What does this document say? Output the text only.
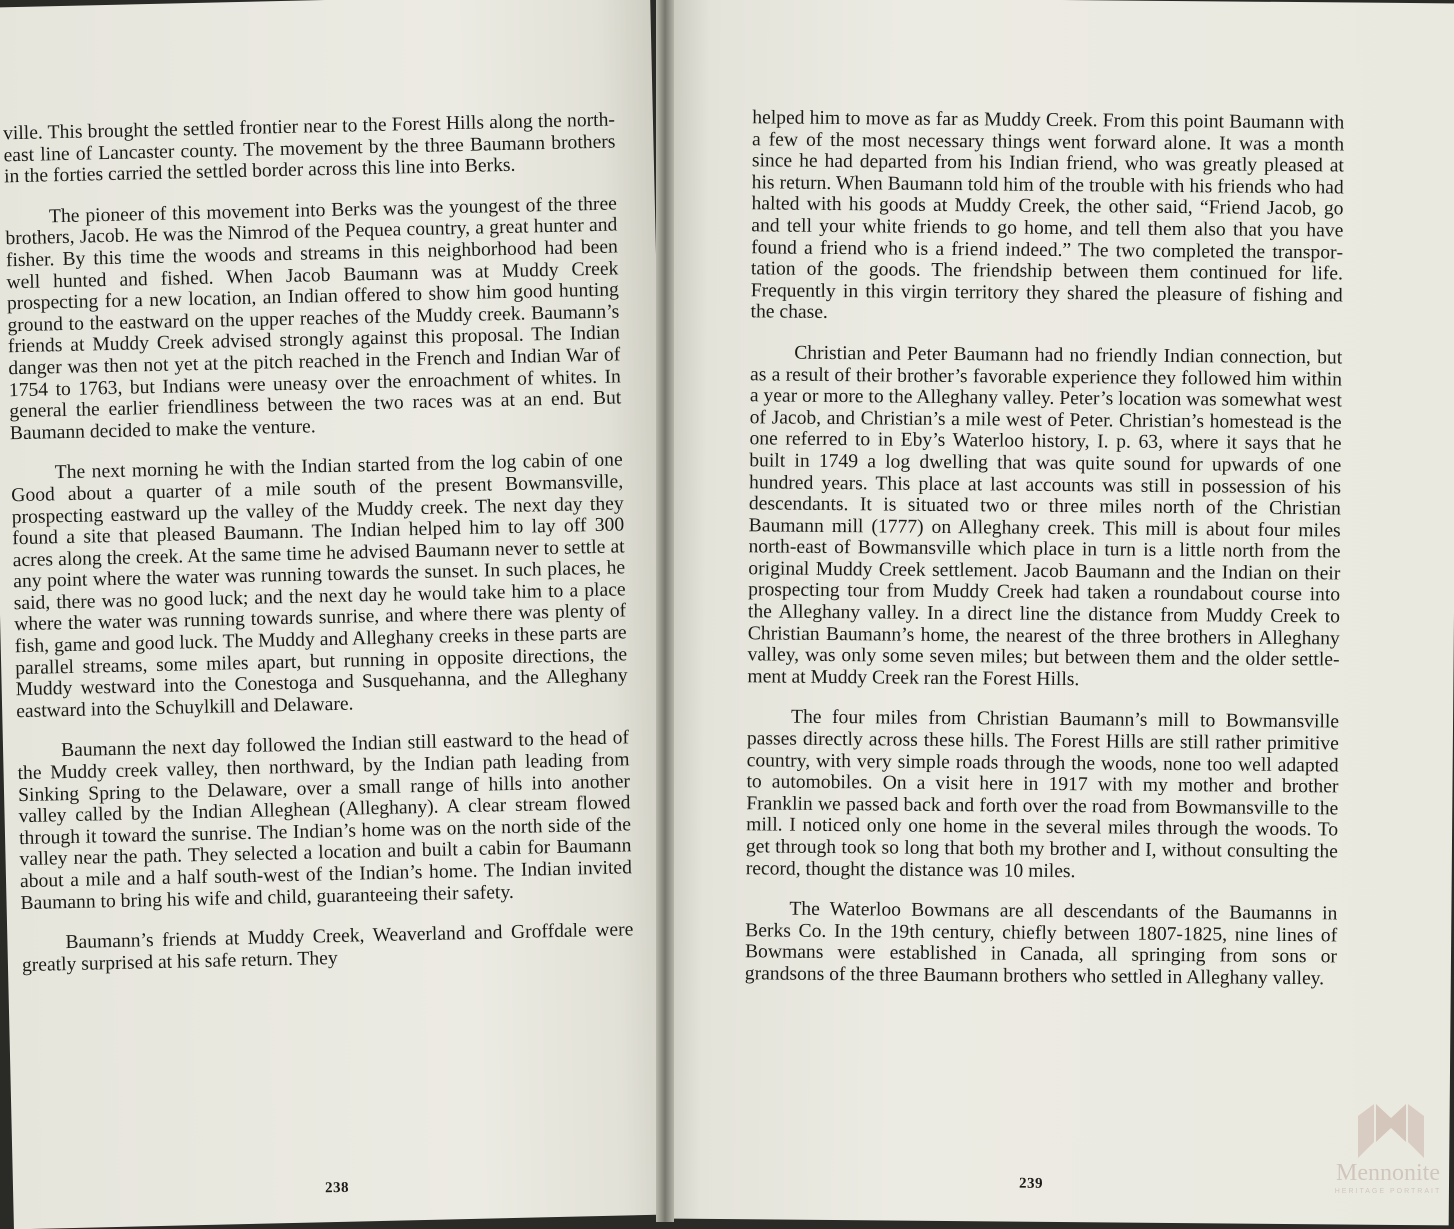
ville. This brought the settled frontier near to the Forest Hills along the north-east line of Lancaster county. The movement by the three Baumann brothers in the forties carried the settled border across this line into Berks.

The pioneer of this movement into Berks was the youngest of the three brothers, Jacob. He was the Nimrod of the Pequea country, a great hunter and fisher. By this time the woods and streams in this neighborhood had been well hunted and fished. When Jacob Baumann was at Muddy Creek prospecting for a new location, an Indian offered to show him good hunting ground to the eastward on the upper reaches of the Muddy creek. Baumann’s friends at Muddy Creek advised strongly against this proposal. The Indian danger was then not yet at the pitch reached in the French and Indian War of 1754 to 1763, but Indians were uneasy over the enroachment of whites. In general the earlier friendliness between the two races was at an end. But Baumann decided to make the venture.

The next morning he with the Indian started from the log cabin of one Good about a quarter of a mile south of the present Bowmansville, prospecting eastward up the valley of the Muddy creek. The next day they found a site that pleased Baumann. The Indian helped him to lay off 300 acres along the creek. At the same time he advised Baumann never to settle at any point where the water was running towards the sunset. In such places, he said, there was no good luck; and the next day he would take him to a place where the water was running towards sunrise, and where there was plenty of fish, game and good luck. The Muddy and Alleghany creeks in these parts are parallel streams, some miles apart, but running in opposite directions, the Muddy westward into the Conestoga and Susquehanna, and the Alleghany eastward into the Schuylkill and Delaware.

Baumann the next day followed the Indian still eastward to the head of the Muddy creek valley, then northward, by the Indian path leading from Sinking Spring to the Delaware, over a small range of hills into another valley called by the Indian Alleghean (Alleghany). A clear stream flowed through it toward the sunrise. The Indian’s home was on the north side of the valley near the path. They selected a location and built a cabin for Baumann about a mile and a half south-west of the Indian’s home. The Indian invited Baumann to bring his wife and child, guaranteeing their safety.

Baumann’s friends at Muddy Creek, Weaverland and Groffdale were greatly surprised at his safe return. They

238

helped him to move as far as Muddy Creek. From this point Baumann with a few of the most necessary things went forward alone. It was a month since he had departed from his Indian friend, who was greatly pleased at his return. When Baumann told him of the trouble with his friends who had halted with his goods at Muddy Creek, the other said, “Friend Jacob, go and tell your white friends to go home, and tell them also that you have found a friend who is a friend indeed.” The two completed the transportation of the goods. The friendship between them continued for life. Frequently in this virgin territory they shared the pleasure of fishing and the chase.

Christian and Peter Baumann had no friendly Indian connection, but as a result of their brother’s favorable experience they followed him within a year or more to the Alleghany valley. Peter’s location was somewhat west of Jacob, and Christian’s a mile west of Peter. Christian’s homestead is the one referred to in Eby’s Waterloo history, I. p. 63, where it says that he built in 1749 a log dwelling that was quite sound for upwards of one hundred years. This place at last accounts was still in possession of his descendants. It is situated two or three miles north of the Christian Baumann mill (1777) on Alleghany creek. This mill is about four miles north-east of Bowmansville which place in turn is a little north from the original Muddy Creek settlement. Jacob Baumann and the Indian on their prospecting tour from Muddy Creek had taken a roundabout course into the Alleghany valley. In a direct line the distance from Muddy Creek to Christian Baumann’s home, the nearest of the three brothers in Alleghany valley, was only some seven miles; but between them and the older settlement at Muddy Creek ran the Forest Hills.

The four miles from Christian Baumann’s mill to Bowmansville passes directly across these hills. The Forest Hills are still rather primitive country, with very simple roads through the woods, none too well adapted to automobiles. On a visit here in 1917 with my mother and brother Franklin we passed back and forth over the road from Bowmansville to the mill. I noticed only one home in the several miles through the woods. To get through took so long that both my brother and I, without consulting the record, thought the distance was 10 miles.

The Waterloo Bowmans are all descendants of the Baumanns in Berks Co. In the 19th century, chiefly between 1807-1825, nine lines of Bowmans were established in Canada, all springing from sons or grandsons of the three Baumann brothers who settled in Alleghany valley.

239	Mennonite
HERITAGE PORTRAIT
